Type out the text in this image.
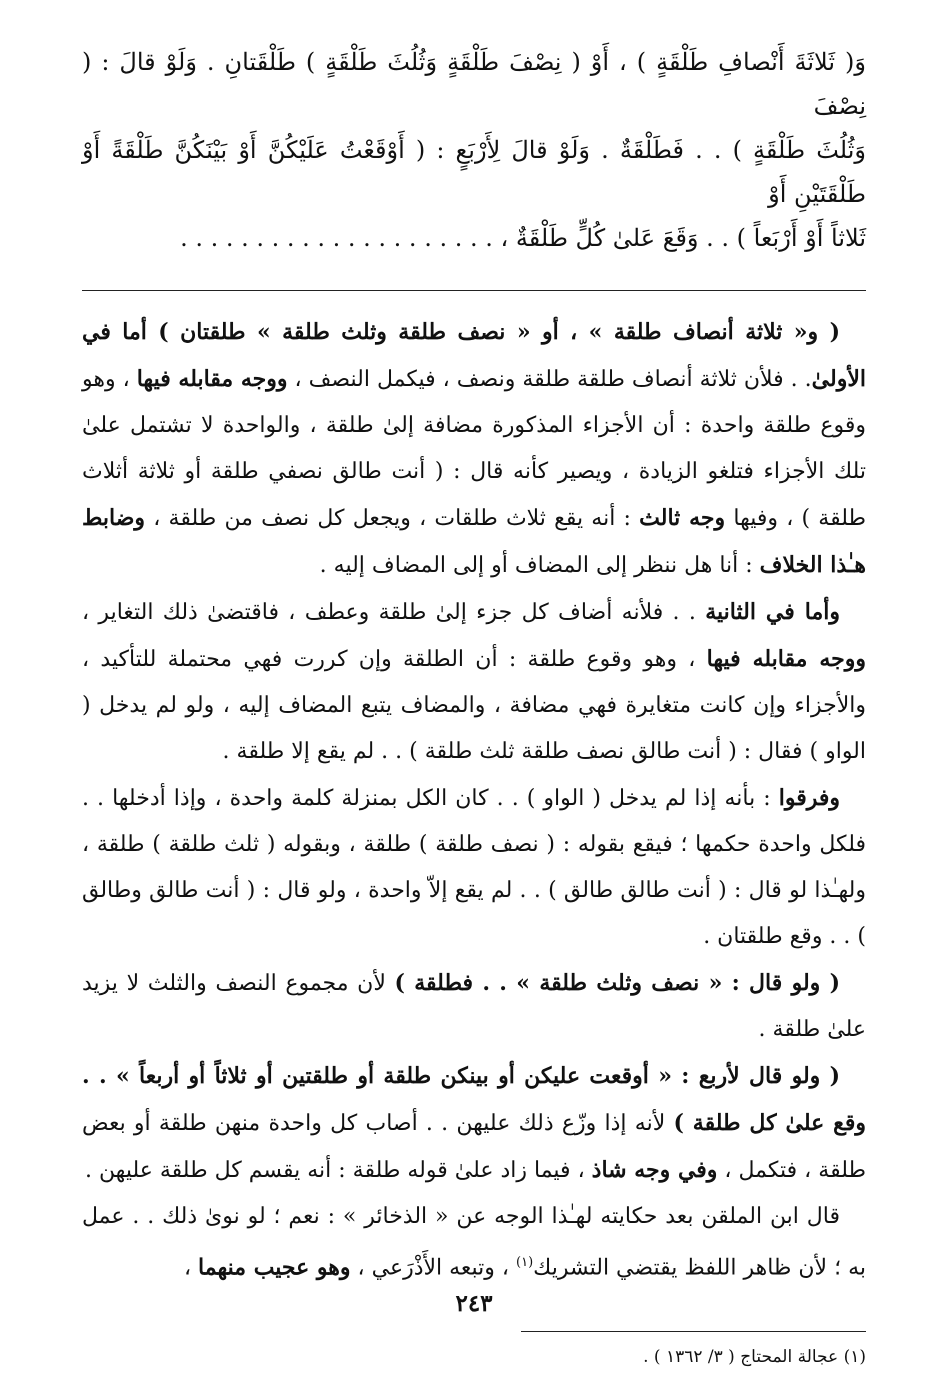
وَ( ثَلاثَةَ أَنْصافِ طَلْقَةٍ ) ، أَوْ ( نِصْفَ طَلْقَةٍ وَثُلُثَ طَلْقَةٍ ) طَلْقَتانِ . وَلَوْ قالَ : ( نِصْفَ

وَثُلُثَ طَلْقَةٍ ) . . فَطَلْقَةٌ . وَلَوْ قالَ لِأَرْبَعٍ : ( أَوْقَعْتُ عَلَيْكُنَّ أَوْ بَيْنَكُنَّ طَلْقَةً أَوْ طَلْقَتَيْنِ أَوْ

ثَلاثاً أَوْ أَرْبَعاً ) . . وَقَعَ عَلىٰ كُلٍّ طَلْقَةٌ ، . . . . . . . . . . . . . . . . . . . . .

( و« ثلاثة أنصاف طلقة » ، أو « نصف طلقة وثلث طلقة » طلقتان ) أما في الأولىٰ. . فلأن ثلاثة أنصاف طلقة طلقة ونصف ، فيكمل النصف ، ووجه مقابله فيها ، وهو وقوع طلقة واحدة : أن الأجزاء المذكورة مضافة إلىٰ طلقة ، والواحدة لا تشتمل علىٰ تلك الأجزاء فتلغو الزيادة ، ويصير كأنه قال : ( أنت طالق نصفي طلقة أو ثلاثة أثلاث طلقة ) ، وفيها وجه ثالث : أنه يقع ثلاث طلقات ، ويجعل كل نصف من طلقة ، وضابط هـٰذا الخلاف : أنا هل ننظر إلى المضاف أو إلى المضاف إليه .

وأما في الثانية . . فلأنه أضاف كل جزء إلىٰ طلقة وعطف ، فاقتضىٰ ذلك التغاير ، ووجه مقابله فيها ، وهو وقوع طلقة : أن الطلقة وإن كررت فهي محتملة للتأكيد ، والأجزاء وإن كانت متغايرة فهي مضافة ، والمضاف يتبع المضاف إليه ، ولو لم يدخل ( الواو ) فقال : ( أنت طالق نصف طلقة ثلث طلقة ) . . لم يقع إلا طلقة .

وفرقوا : بأنه إذا لم يدخل ( الواو ) . . كان الكل بمنزلة كلمة واحدة ، وإذا أدخلها . . فلكل واحدة حكمها ؛ فيقع بقوله : ( نصف طلقة ) طلقة ، وبقوله ( ثلث طلقة ) طلقة ، ولهـٰذا لو قال : ( أنت طالق طالق ) . . لم يقع إلاّ واحدة ، ولو قال : ( أنت طالق وطالق ) . . وقع طلقتان .

( ولو قال : « نصف وثلث طلقة » . . فطلقة ) لأن مجموع النصف والثلث لا يزيد علىٰ طلقة .

( ولو قال لأربع : « أوقعت عليكن أو بينكن طلقة أو طلقتين أو ثلاثاً أو أربعاً » . . وقع علىٰ كل طلقة ) لأنه إذا وزّع ذلك عليهن . . أصاب كل واحدة منهن طلقة أو بعض طلقة ، فتكمل ، وفي وجه شاذ ، فيما زاد علىٰ قوله طلقة : أنه يقسم كل طلقة عليهن .

قال ابن الملقن بعد حكايته لهـٰذا الوجه عن « الذخائر » : نعم ؛ لو نوىٰ ذلك . . عمل به ؛ لأن ظاهر اللفظ يقتضي التشريك$^{(١)}$ ، وتبعه الأَذْرَعي ، وهو عجيب منهما ،

(١) عجالة المحتاج ( ٣/ ١٣٦٢ ) .

٢٤٣
